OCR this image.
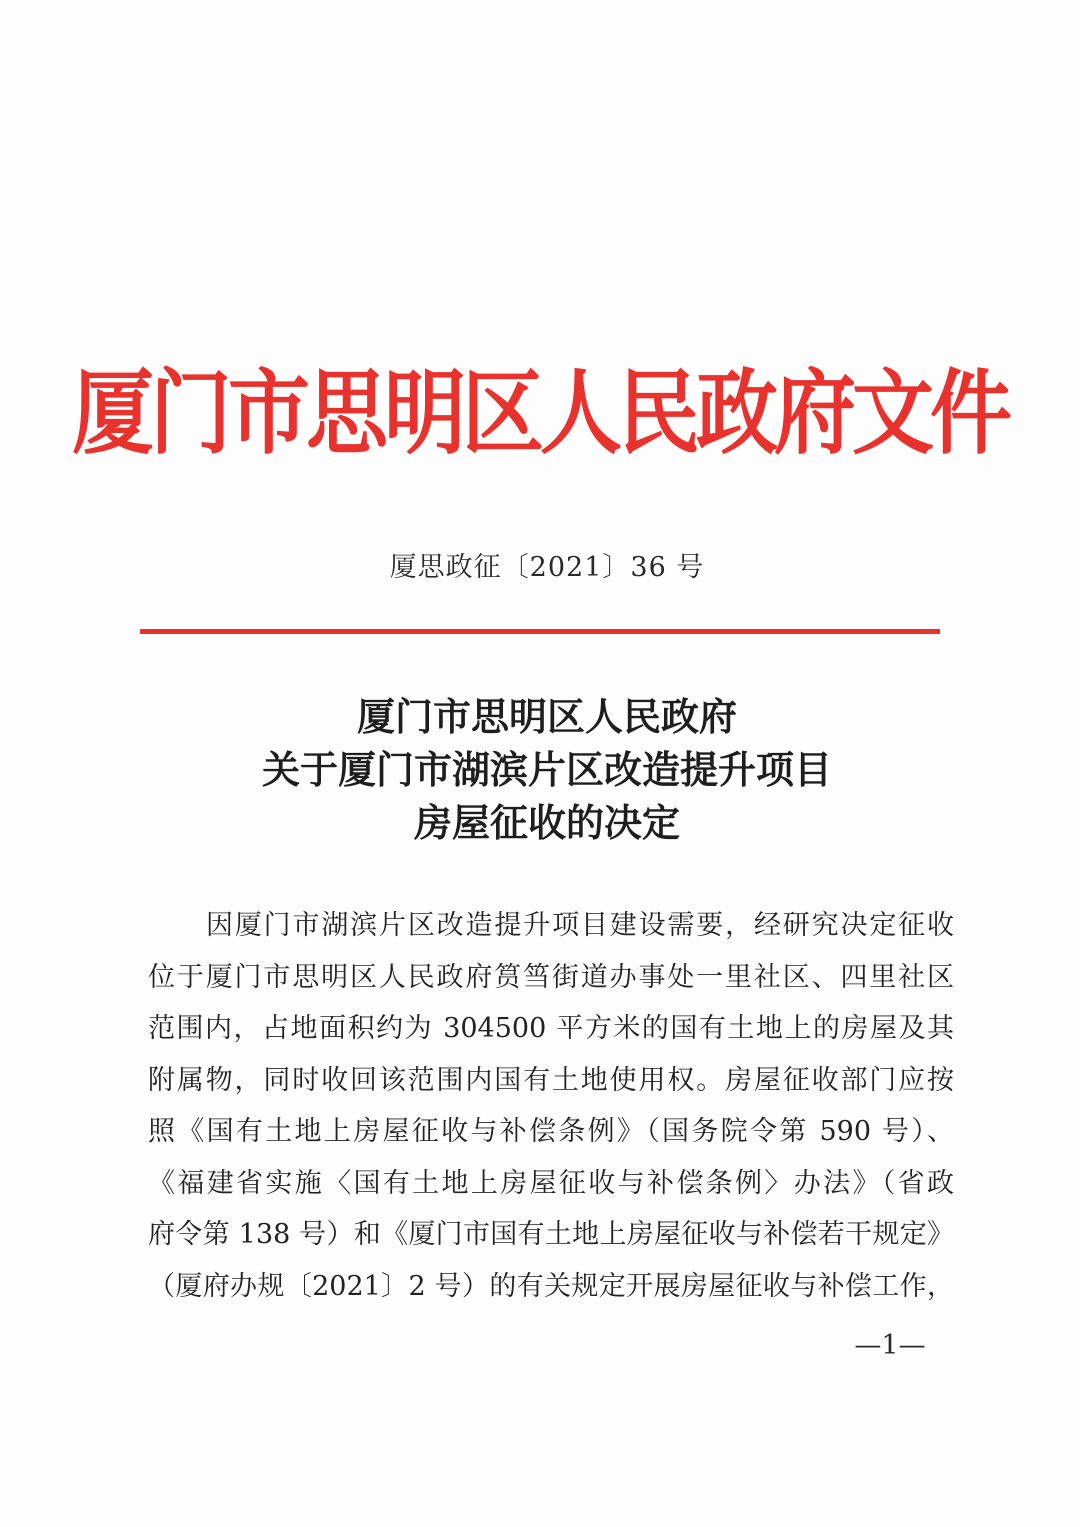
厦门市思明区人民政府文件
厦思政征〔2021〕36 号
厦门市思明区人民政府
关于厦门市湖滨片区改造提升项目
房屋征收的决定
因厦门市湖滨片区改造提升项目建设需要，经研究决定征收
位于厦门市思明区人民政府筼筜街道办事处一里社区、四里社区
范围内，占地面积约为 304500 平方米的国有土地上的房屋及其
附属物，同时收回该范围内国有土地使用权。房屋征收部门应按
照《国有土地上房屋征收与补偿条例》（国务院令第 590 号）、
《福建省实施〈国有土地上房屋征收与补偿条例〉办法》（省政
府令第 138 号）和《厦门市国有土地上房屋征收与补偿若干规定》
（厦府办规〔2021〕2 号）的有关规定开展房屋征收与补偿工作，
—1—
